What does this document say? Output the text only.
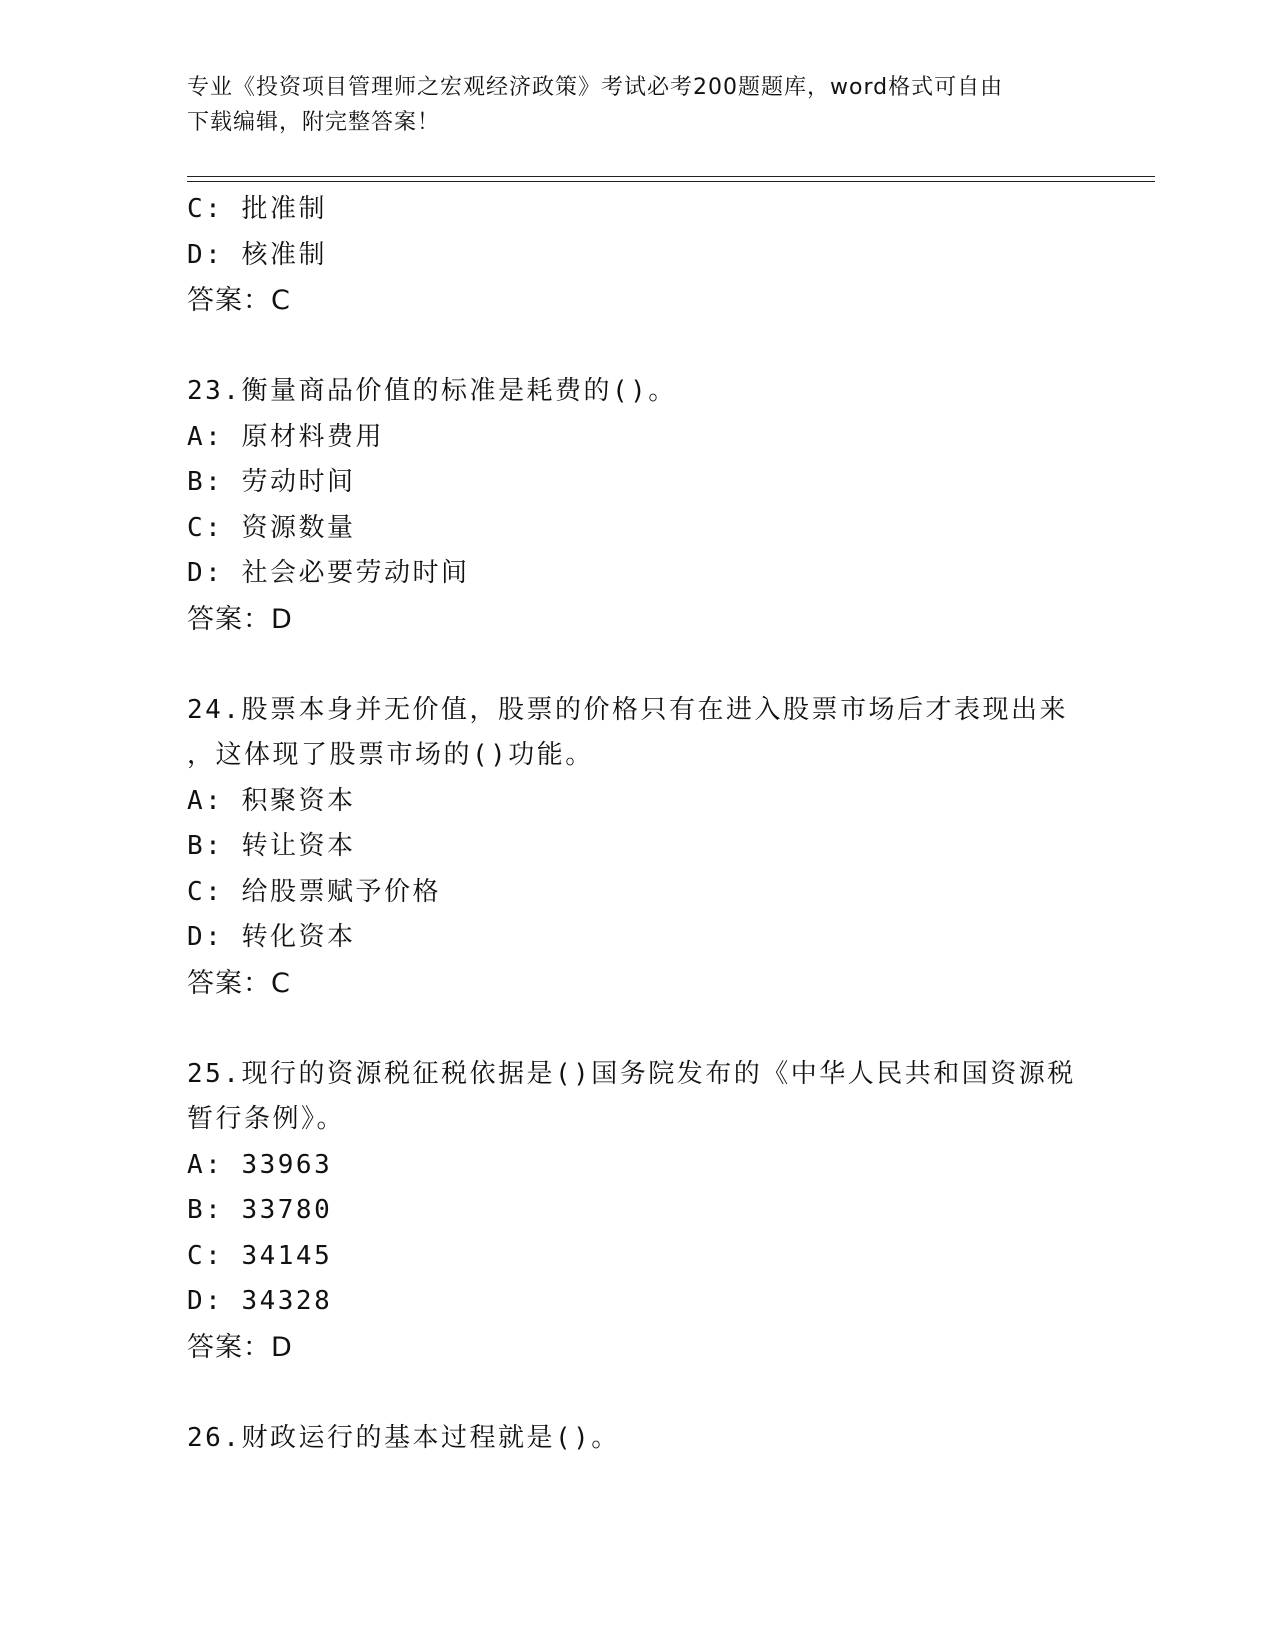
专业《投资项目管理师之宏观经济政策》考试必考200题题库，word格式可自由
下载编辑，附完整答案！
C: 批准制
D: 核准制
答案：C
23.衡量商品价值的标准是耗费的()。
A: 原材料费用
B: 劳动时间
C: 资源数量
D: 社会必要劳动时间
答案：D
24.股票本身并无价值，股票的价格只有在进入股票市场后才表现出来
，这体现了股票市场的()功能。
A: 积聚资本
B: 转让资本
C: 给股票赋予价格
D: 转化资本
答案：C
25.现行的资源税征税依据是()国务院发布的《中华人民共和国资源税
暂行条例》。
A: 33963
B: 33780
C: 34145
D: 34328
答案：D
26.财政运行的基本过程就是()。
